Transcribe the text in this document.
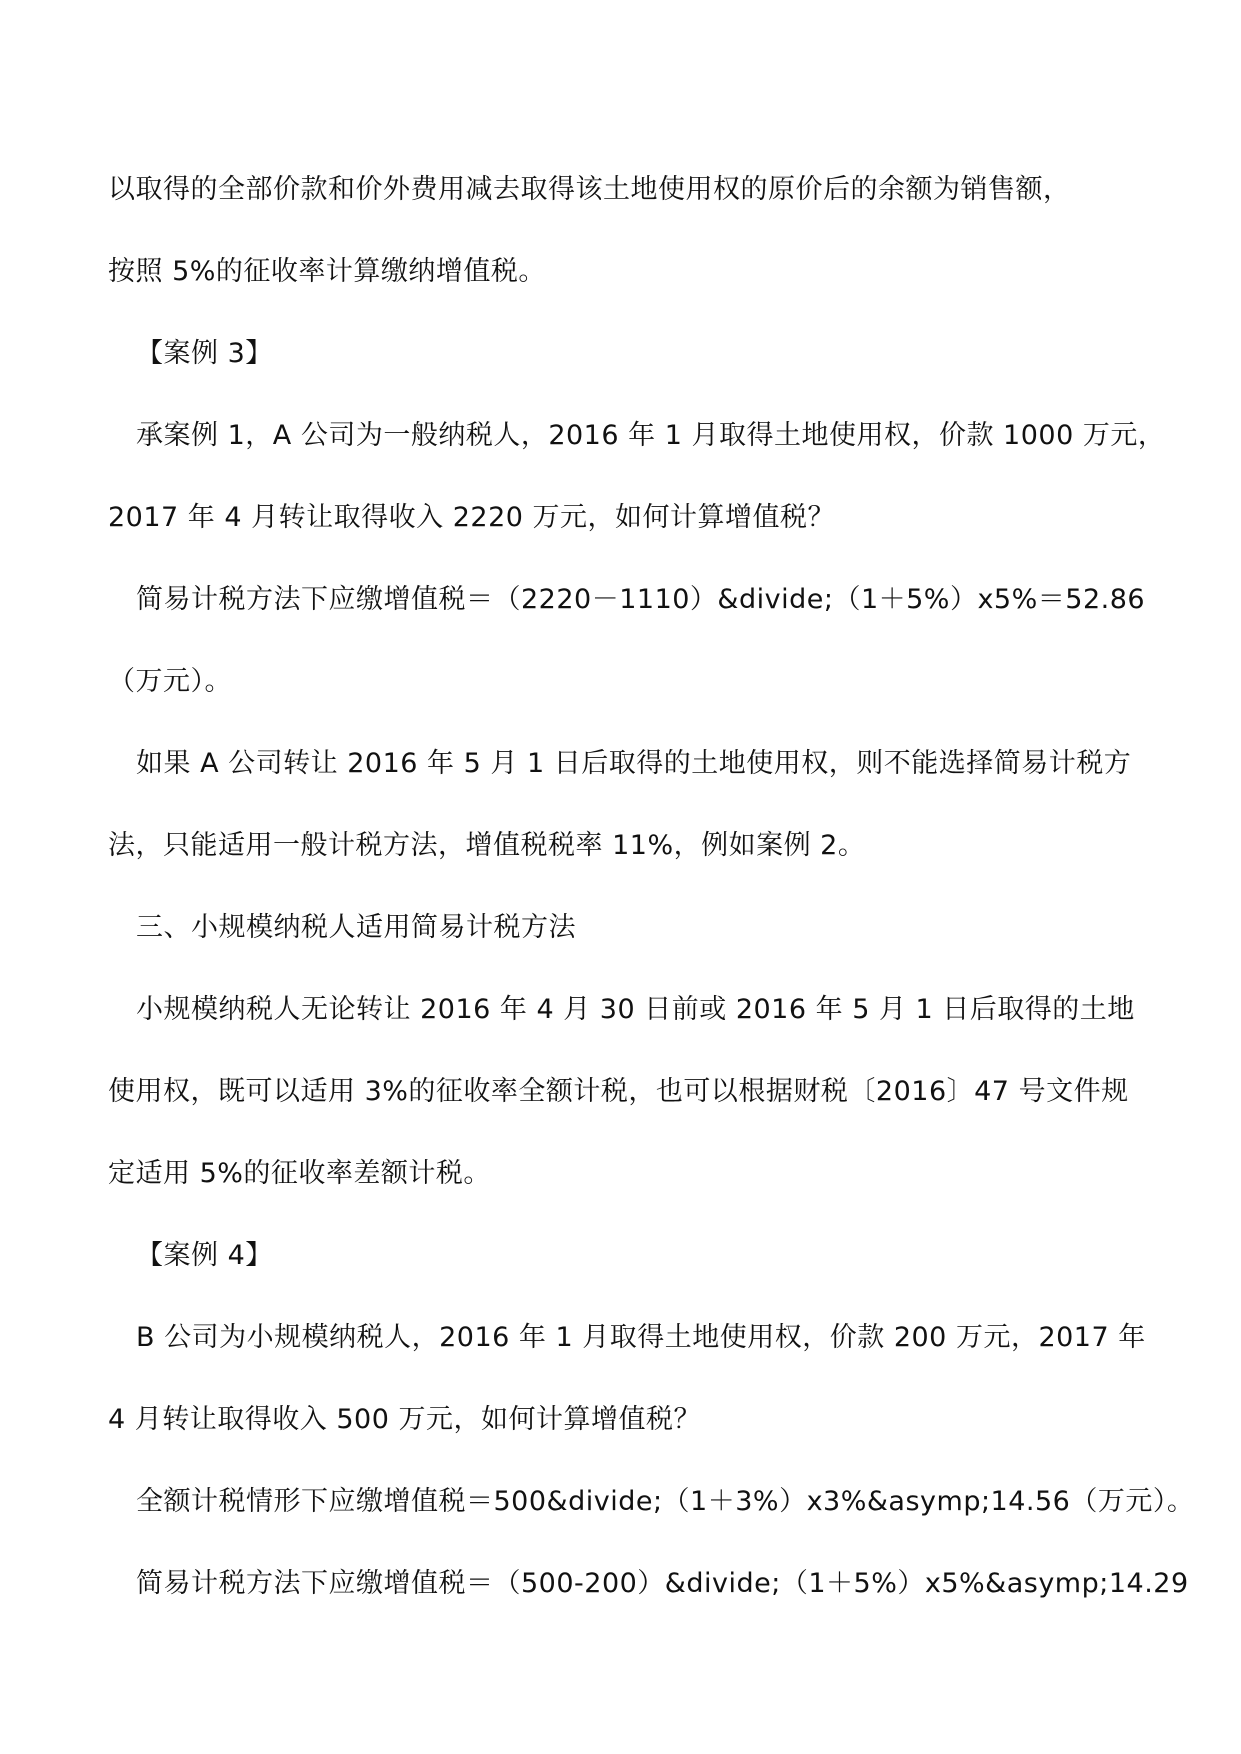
以取得的全部价款和价外费用减去取得该土地使用权的原价后的余额为销售额，
按照 5%的征收率计算缴纳增值税。
【案例 3】
承案例 1，A 公司为一般纳税人，2016 年 1 月取得土地使用权，价款 1000 万元，
2017 年 4 月转让取得收入 2220 万元，如何计算增值税？
简易计税方法下应缴增值税＝（2220－1110）&divide;（1＋5%）x5%＝52.86
（万元）。
如果 A 公司转让 2016 年 5 月 1 日后取得的土地使用权，则不能选择简易计税方
法，只能适用一般计税方法，增值税税率 11%，例如案例 2。
三、小规模纳税人适用简易计税方法
小规模纳税人无论转让 2016 年 4 月 30 日前或 2016 年 5 月 1 日后取得的土地
使用权，既可以适用 3%的征收率全额计税，也可以根据财税〔2016〕47 号文件规
定适用 5%的征收率差额计税。
【案例 4】
B 公司为小规模纳税人，2016 年 1 月取得土地使用权，价款 200 万元，2017 年
4 月转让取得收入 500 万元，如何计算增值税？
全额计税情形下应缴增值税＝500&divide;（1＋3%）x3%&asymp;14.56（万元）。
简易计税方法下应缴增值税＝（500-200）&divide;（1＋5%）x5%&asymp;14.29
